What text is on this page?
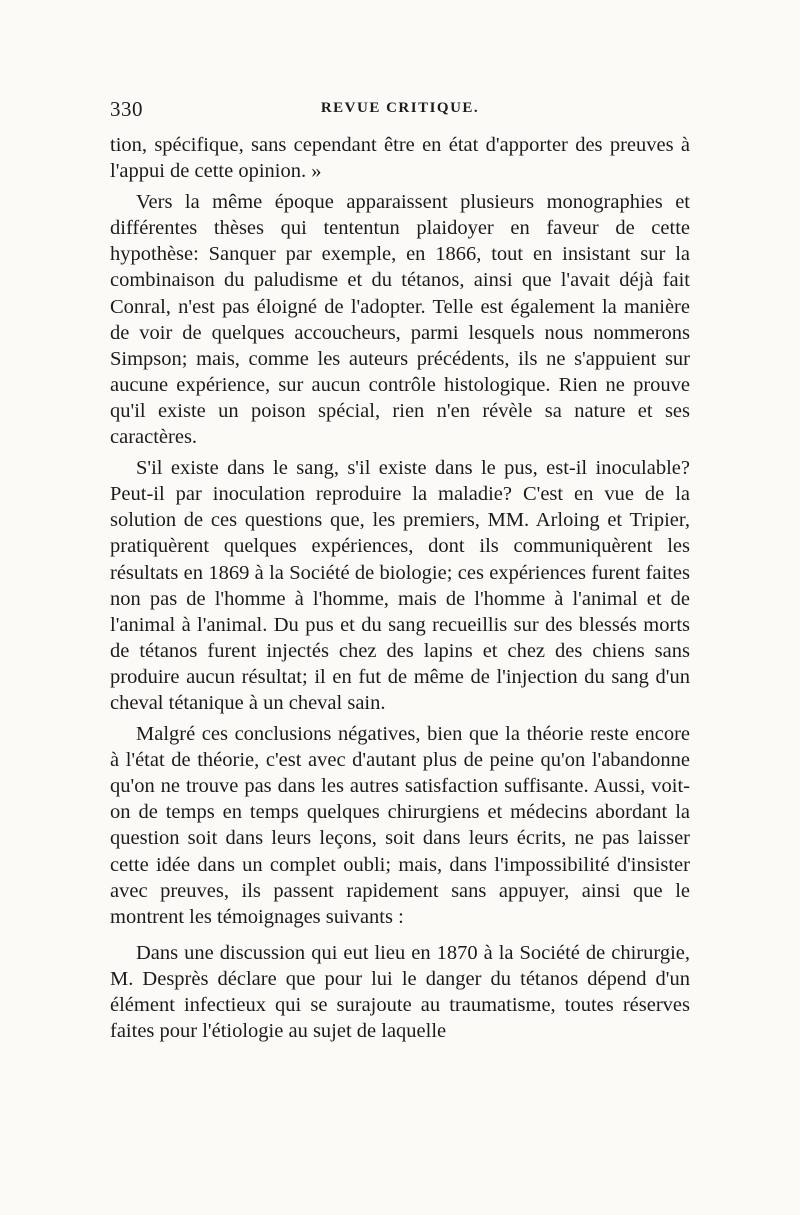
330	REVUE CRITIQUE.

tion, spécifique, sans cependant être en état d'apporter des preuves à l'appui de cette opinion. »

Vers la même époque apparaissent plusieurs monographies et différentes thèses qui tententun plaidoyer en faveur de cette hypothèse: Sanquer par exemple, en 1866, tout en insistant sur la combinaison du paludisme et du tétanos, ainsi que l'avait déjà fait Conral, n'est pas éloigné de l'adopter. Telle est également la manière de voir de quelques accoucheurs, parmi lesquels nous nommerons Simpson; mais, comme les auteurs précédents, ils ne s'appuient sur aucune expérience, sur aucun contrôle histologique. Rien ne prouve qu'il existe un poison spécial, rien n'en révèle sa nature et ses caractères.

S'il existe dans le sang, s'il existe dans le pus, est-il inoculable? Peut-il par inoculation reproduire la maladie? C'est en vue de la solution de ces questions que, les premiers, MM. Arloing et Tripier, pratiquèrent quelques expériences, dont ils communiquèrent les résultats en 1869 à la Société de biologie; ces expériences furent faites non pas de l'homme à l'homme, mais de l'homme à l'animal et de l'animal à l'animal. Du pus et du sang recueillis sur des blessés morts de tétanos furent injectés chez des lapins et chez des chiens sans produire aucun résultat; il en fut de même de l'injection du sang d'un cheval tétanique à un cheval sain.

Malgré ces conclusions négatives, bien que la théorie reste encore à l'état de théorie, c'est avec d'autant plus de peine qu'on l'abandonne qu'on ne trouve pas dans les autres satisfaction suffisante. Aussi, voit-on de temps en temps quelques chirurgiens et médecins abordant la question soit dans leurs leçons, soit dans leurs écrits, ne pas laisser cette idée dans un complet oubli; mais, dans l'impossibilité d'insister avec preuves, ils passent rapidement sans appuyer, ainsi que le montrent les témoignages suivants :

Dans une discussion qui eut lieu en 1870 à la Société de chirurgie, M. Desprès déclare que pour lui le danger du tétanos dépend d'un élément infectieux qui se surajoute au traumatisme, toutes réserves faites pour l'étiologie au sujet de laquelle
